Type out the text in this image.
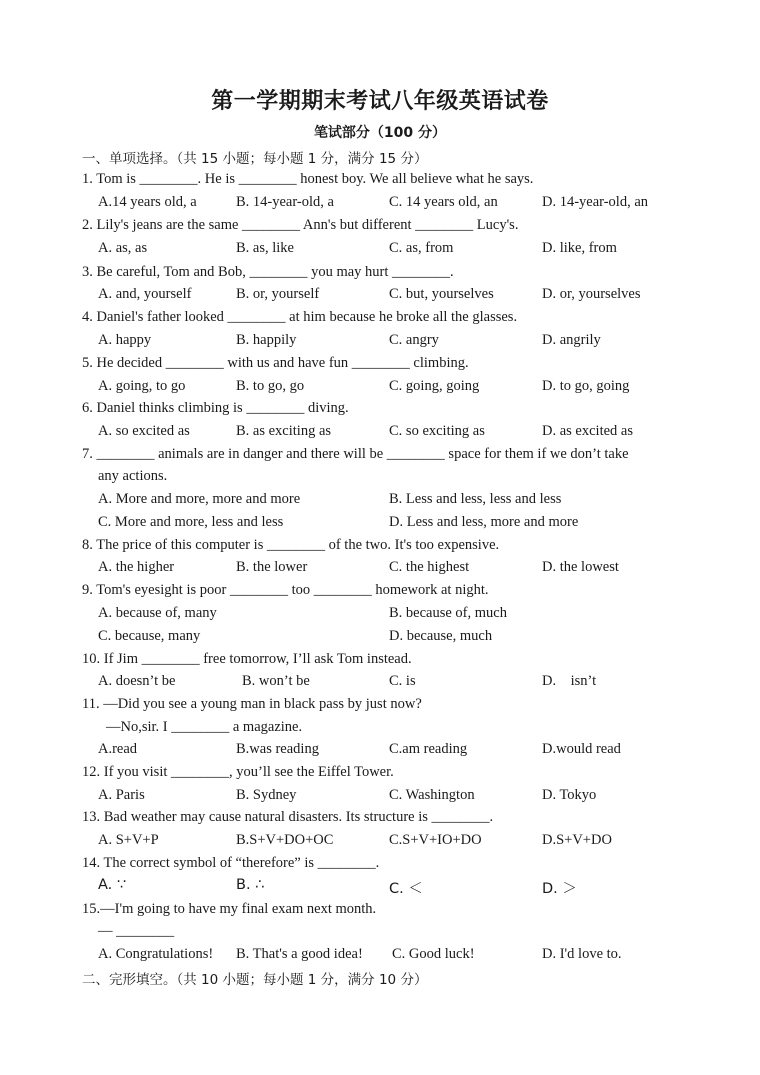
第一学期期末考试八年级英语试卷
笔试部分（100 分）
一、单项选择。（共 15 小题；每小题 1 分，满分 15 分）
1. Tom is ________. He is ________ honest boy. We all believe what he says.
A.14 years old, a	B. 14-year-old, a	C. 14 years old, an	D. 14-year-old, an
2. Lily's jeans are the same ________ Ann's but different ________ Lucy's.
A. as, as	B. as, like	C. as, from	D. like, from
3. Be careful, Tom and Bob, ________ you may hurt ________.
A. and, yourself	B. or, yourself	C. but, yourselves	D. or, yourselves
4. Daniel's father looked ________ at him because he broke all the glasses.
A. happy	B. happily	C. angry	D. angrily
5. He decided ________ with us and have fun ________ climbing.
A. going, to go	B. to go, go	C. going, going	D. to go, going
6. Daniel thinks climbing is ________ diving.
A. so excited as	B. as exciting as	C. so exciting as	D. as excited as
7. ________ animals are in danger and there will be ________ space for them if we don’t take
any actions.
A. More and more, more and more	B. Less and less, less and less
C. More and more, less and less	D. Less and less, more and more
8. The price of this computer is ________ of the two. It's too expensive.
A. the higher	B. the lower	C. the highest	D. the lowest
9. Tom's eyesight is poor ________ too ________ homework at night.
A. because of, many	B. because of, much
C. because, many	D. because, much
10. If Jim ________ free tomorrow, I’ll ask Tom instead.
A. doesn’t be	B. won’t be	C. is	D.    isn’t
11. —Did you see a young man in black pass by just now?
—No,sir. I ________ a magazine.
A.read	B.was reading	C.am reading	D.would read
12. If you visit ________, you’ll see the Eiffel Tower.
A. Paris	B. Sydney	C. Washington	D. Tokyo
13. Bad weather may cause natural disasters. Its structure is ________.
A. S+V+P	B.S+V+DO+OC	C.S+V+IO+DO	D.S+V+DO
14. The correct symbol of “therefore” is ________.
A. ∵	B. ∴	C. ＜	D. ＞
15.—I'm going to have my final exam next month.
— ________
A. Congratulations! B. That's a good idea! C. Good luck!	D. I'd love to.
二、完形填空。（共 10 小题；每小题 1 分，满分 10 分）
